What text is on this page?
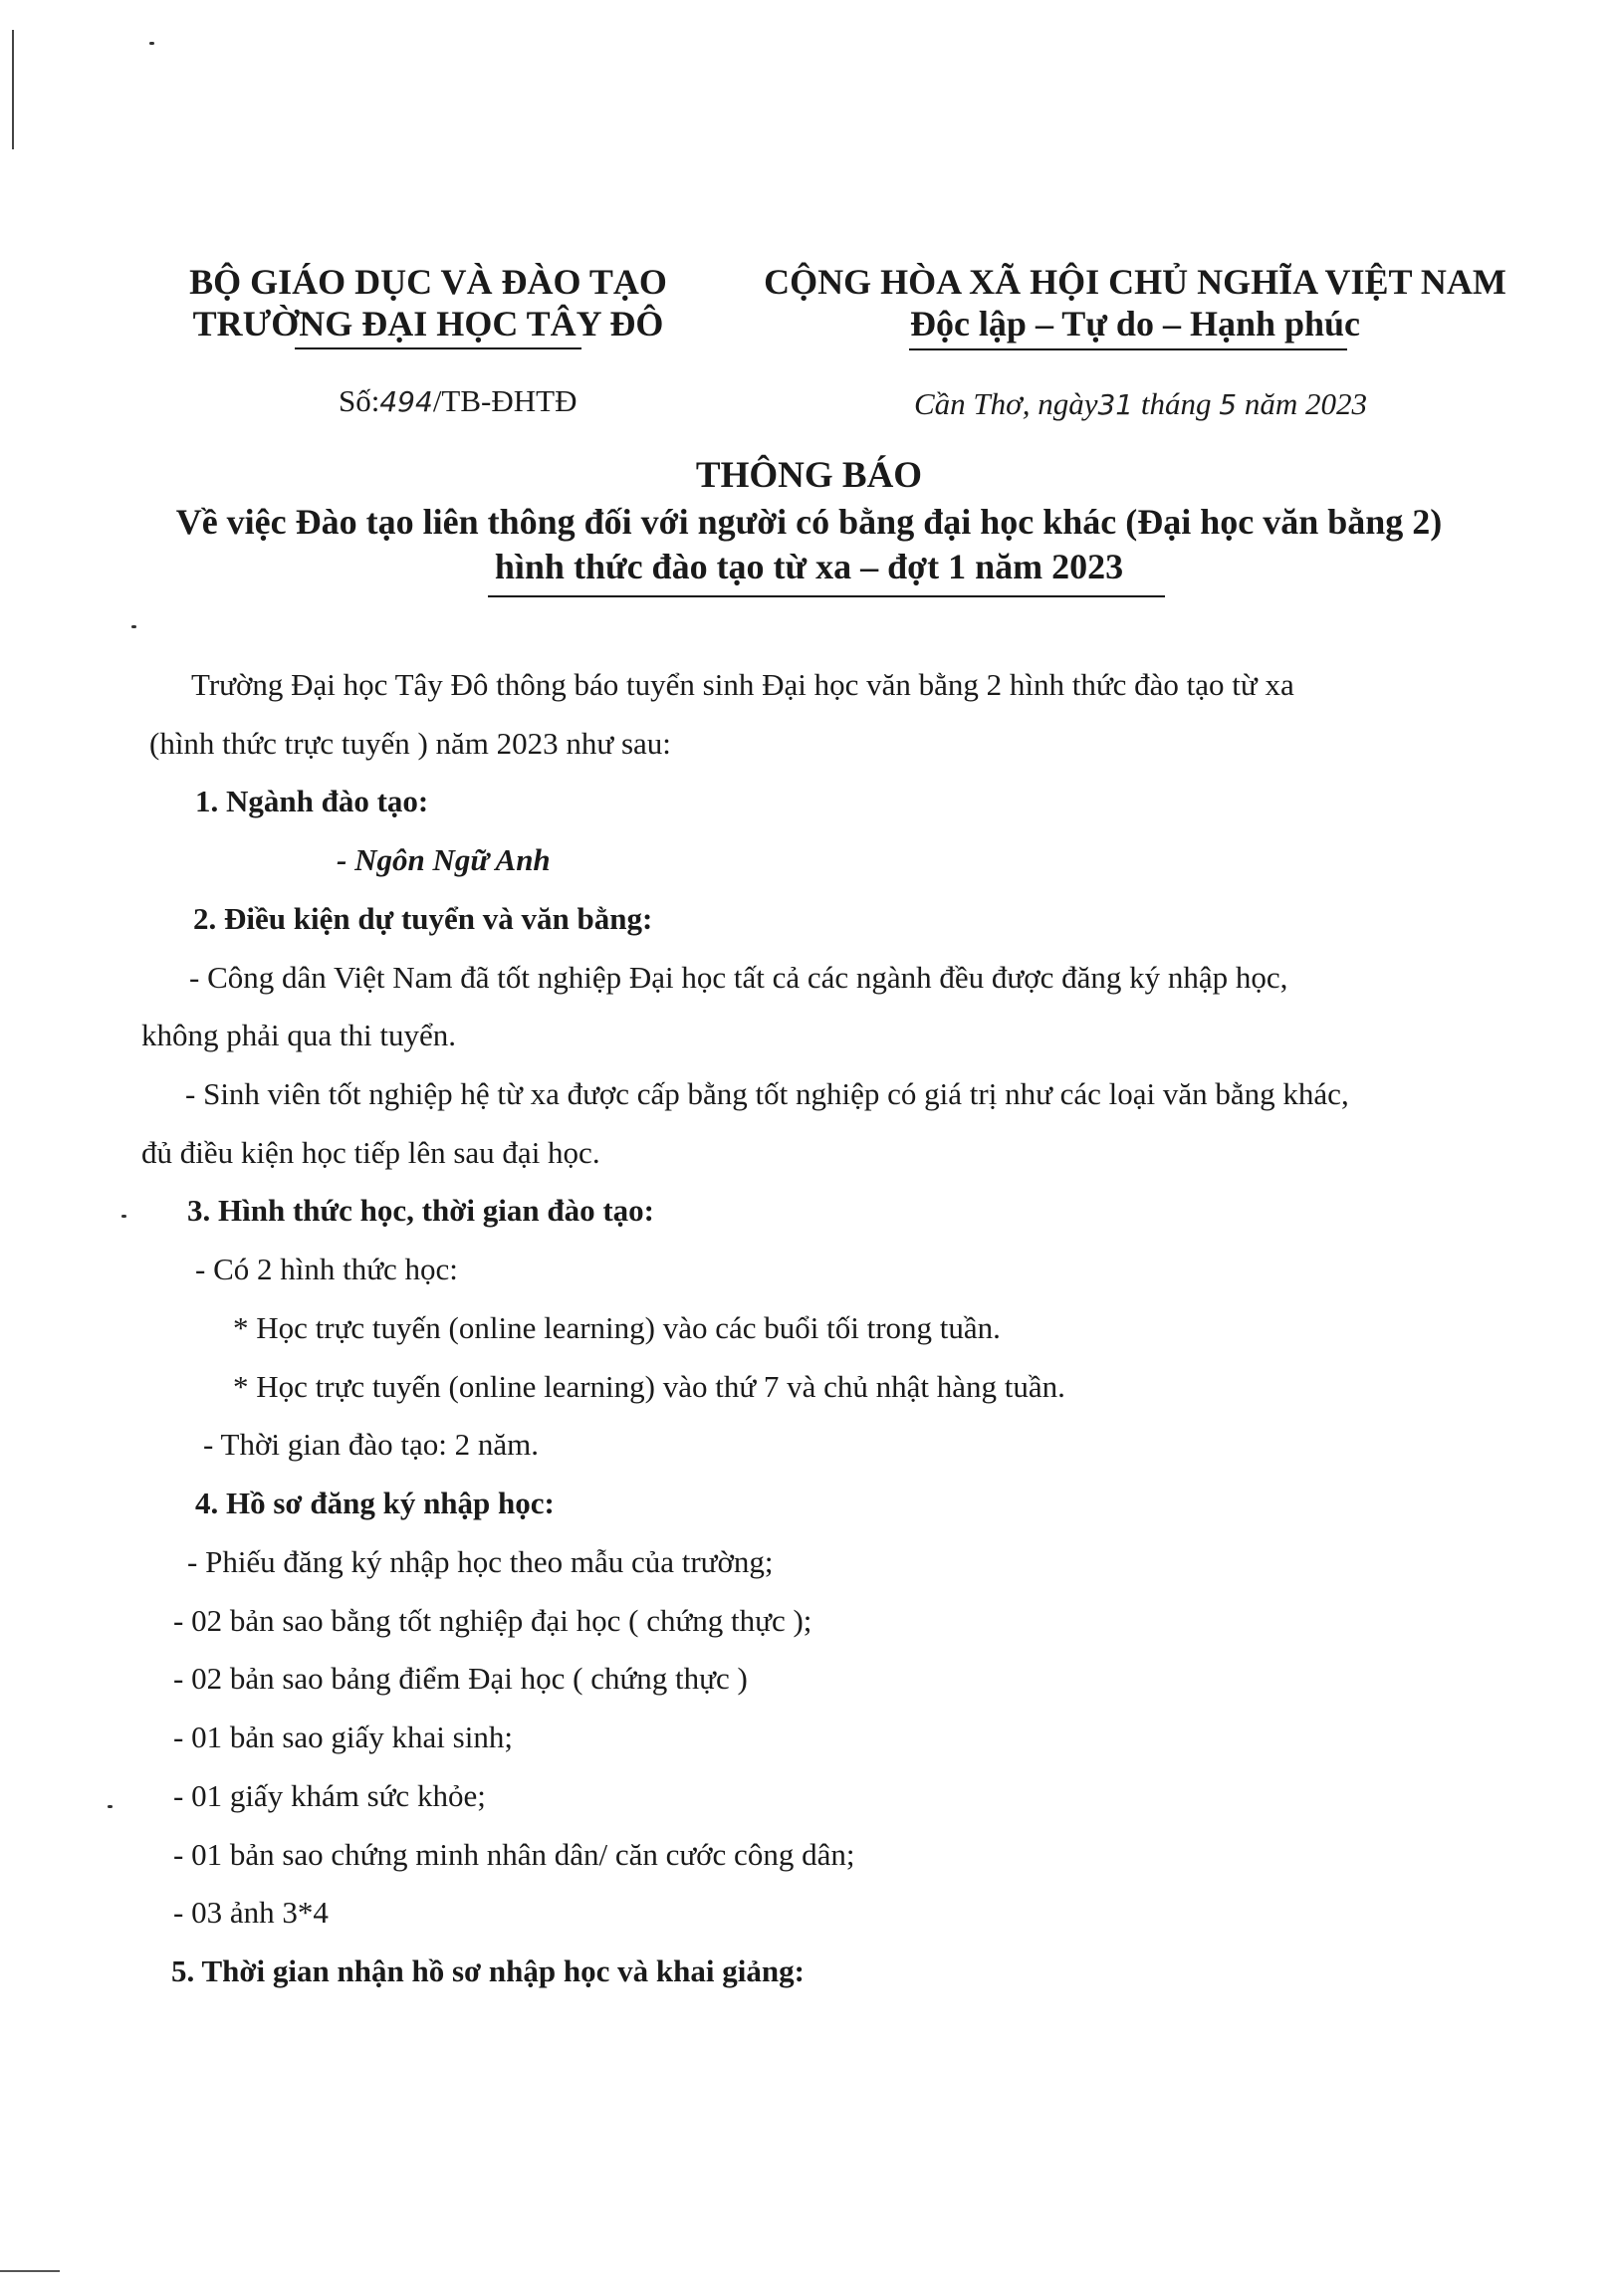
BỘ GIÁO DỤC VÀ ĐÀO TẠO
TRƯỜNG ĐẠI HỌC TÂY ĐÔ
CỘNG HÒA XÃ HỘI CHỦ NGHĨA VIỆT NAM
Độc lập – Tự do – Hạnh phúc
Số:494/TB-ĐHTĐ	Cần Thơ, ngày31 tháng 5 năm 2023
THÔNG BÁO
Về việc Đào tạo liên thông đối với người có bằng đại học khác (Đại học văn bằng 2)
hình thức đào tạo từ xa – đợt 1 năm 2023
Trường Đại học Tây Đô thông báo tuyển sinh Đại học văn bằng 2 hình thức đào tạo từ xa
(hình thức trực tuyến ) năm 2023 như sau:
1. Ngành đào tạo:
- Ngôn Ngữ Anh
2. Điều kiện dự tuyển và văn bằng:
- Công dân Việt Nam đã tốt nghiệp Đại học tất cả các ngành đều được đăng ký nhập học,
không phải qua thi tuyển.
- Sinh viên tốt nghiệp hệ từ xa được cấp bằng tốt nghiệp có giá trị như các loại văn bằng khác,
đủ điều kiện học tiếp lên sau đại học.
3. Hình thức học, thời gian đào tạo:
- Có 2 hình thức học:
* Học trực tuyến (online learning) vào các buổi tối trong tuần.
* Học trực tuyến (online learning) vào thứ 7 và chủ nhật hàng tuần.
- Thời gian đào tạo: 2 năm.
4. Hồ sơ đăng ký nhập học:
- Phiếu đăng ký nhập học theo mẫu của trường;
- 02 bản sao bằng tốt nghiệp đại học ( chứng thực );
- 02 bản sao bảng điểm Đại học ( chứng thực )
- 01 bản sao giấy khai sinh;
- 01 giấy khám sức khỏe;
- 01 bản sao chứng minh nhân dân/ căn cước công dân;
- 03 ảnh 3*4
5. Thời gian nhận hồ sơ nhập học và khai giảng:
